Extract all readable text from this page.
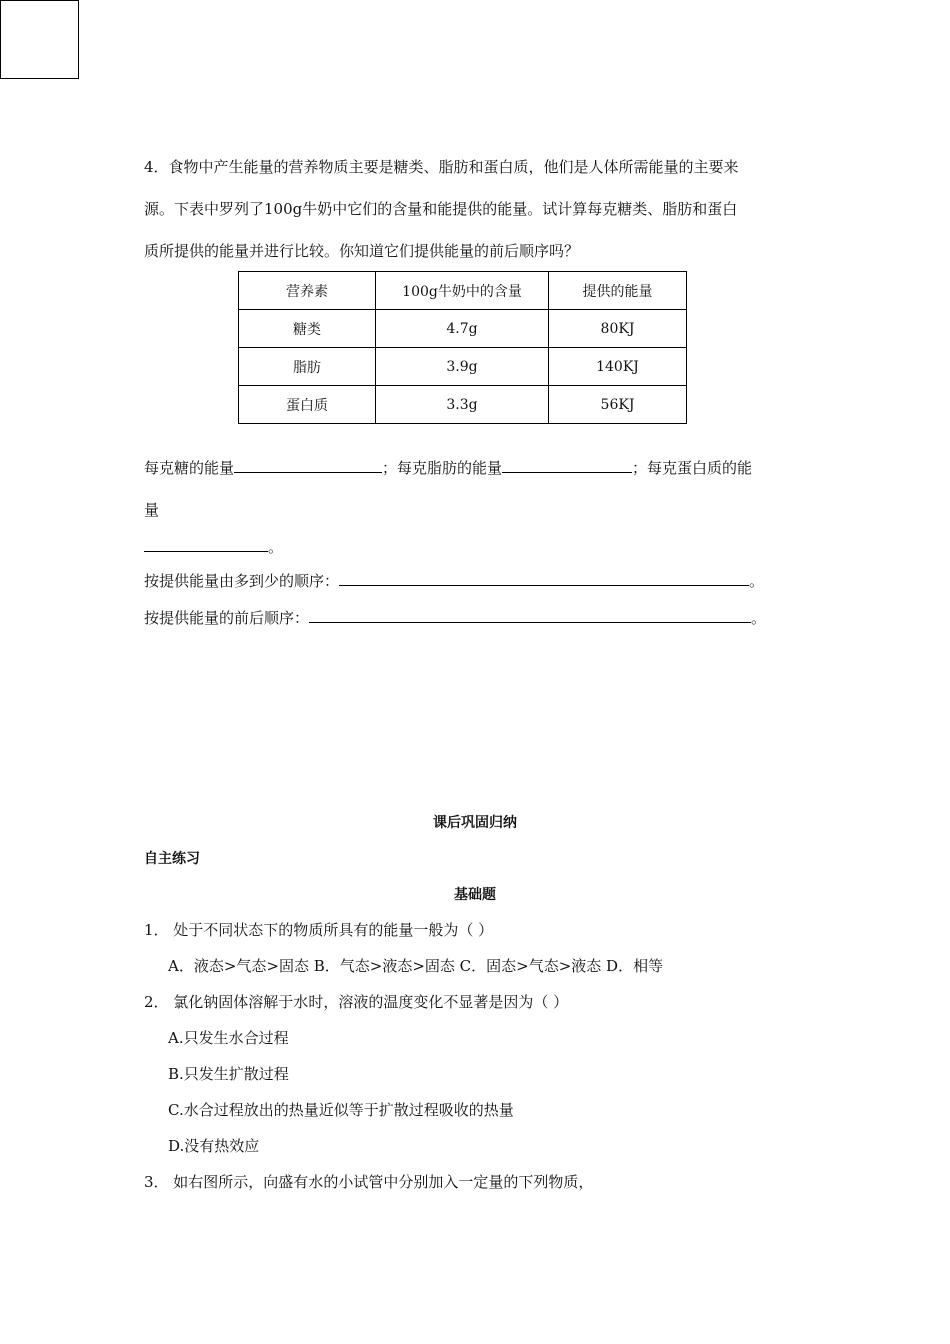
4．食物中产生能量的营养物质主要是糖类、脂肪和蛋白质，他们是人体所需能量的主要来
源。下表中罗列了100g牛奶中它们的含量和能提供的能量。试计算每克糖类、脂肪和蛋白
质所提供的能量并进行比较。你知道它们提供能量的前后顺序吗？
营养素	100g牛奶中的含量	提供的能量
糖类	4.7g	80KJ
脂肪	3.9g	140KJ
蛋白质	3.3g	56KJ
每克糖的能量	；每克脂肪的能量	；每克蛋白质的能
量
。
按提供能量由多到少的顺序：	。
按提供能量的前后顺序：	。
课后巩固归纳
自主练习
基础题
1． 处于不同状态下的物质所具有的能量一般为（ ）
A．液态>气态>固态 B．气态>液态>固态 C．固态>气态>液态 D．相等
2． 氯化钠固体溶解于水时，溶液的温度变化不显著是因为（ ）
A.只发生水合过程
B.只发生扩散过程
C.水合过程放出的热量近似等于扩散过程吸收的热量
D.没有热效应
3． 如右图所示，向盛有水的小试管中分别加入一定量的下列物质，
